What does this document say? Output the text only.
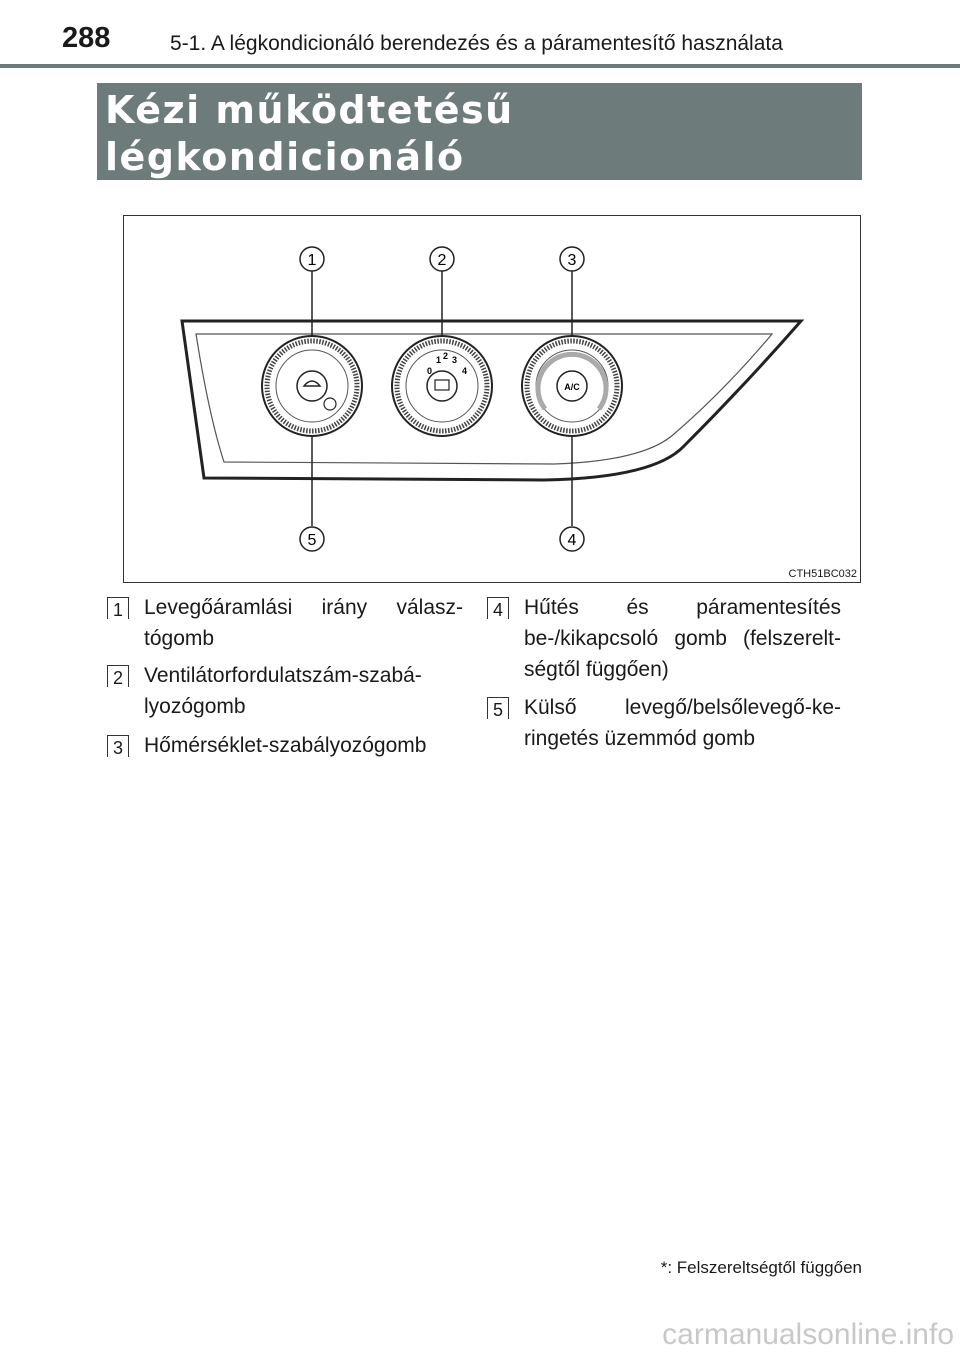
288	5-1. A légkondicionáló berendezés és a páramentesítő használata
Kézi működtetésű légkondicionáló
berendezés*
0
1 2 3
4
A/C
1	2	3
4
5
CTH51BC032
1 Levegőáramlási irány válasz-tógomb
2 Ventilátorfordulatszám-szabá-lyozógomb
3 Hőmérséklet-szabályozógomb
4 Hűtés és páramentesítés be-/kikapcsoló gomb (felszerelt-ségtől függően)
5 Külső levegő/belsőlevegő-ke-ringetés üzemmód gomb
*: Felszereltségtől függően
carmanualsonline.info
